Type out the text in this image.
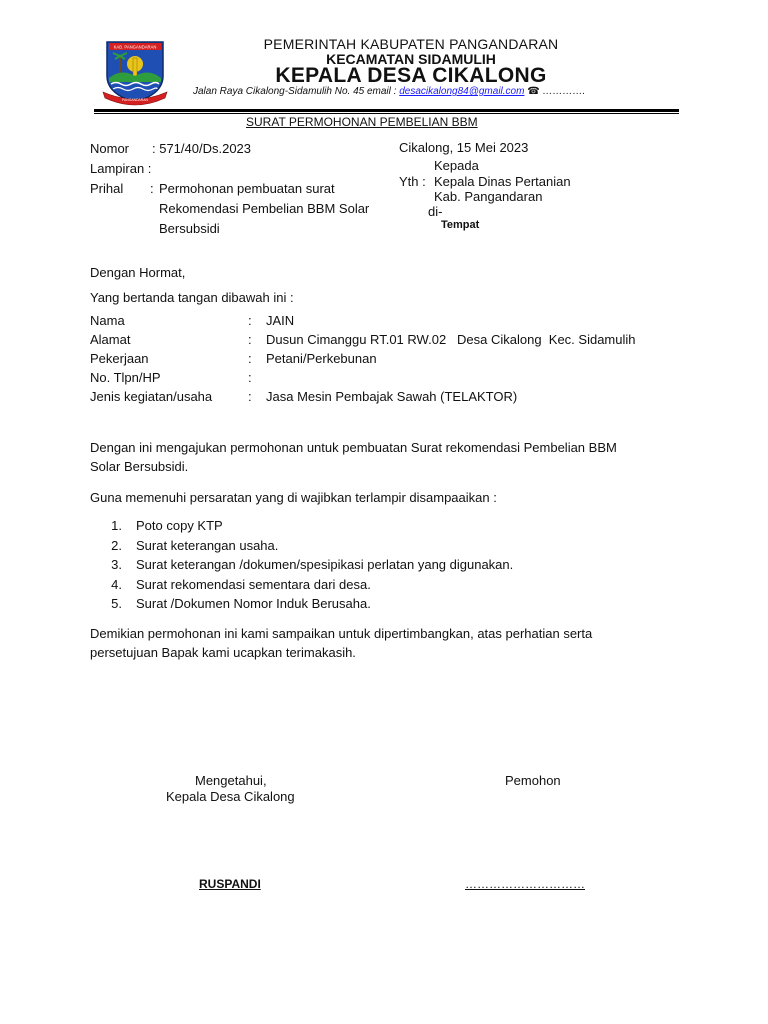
KAB. PANGANDARAN
PANGANDARAN
PEMERINTAH KABUPATEN PANGANDARAN
KECAMATAN SIDAMULIH
KEPALA DESA CIKALONG
Jalan Raya Cikalong-Sidamulih No. 45 email : desacikalong84@gmail.com ☎ ………….
SURAT PERMOHONAN PEMBELIAN BBM
Nomor : 571/40/Ds.2023
Lampiran :
Prihal : Permohonan pembuatan surat
Rekomendasi Pembelian BBM Solar
Bersubsidi
Cikalong, 15 Mei 2023
Kepada
Yth : Kepala Dinas Pertanian
Kab. Pangandaran
di-
Tempat
Dengan Hormat,
Yang bertanda tangan dibawah ini :
Nama	: JAIN
Alamat	: Dusun Cimanggu RT.01 RW.02   Desa Cikalong  Kec. Sidamulih
Pekerjaan	: Petani/Perkebunan
No. Tlpn/HP	:
Jenis kegiatan/usaha	: Jasa Mesin Pembajak Sawah (TELAKTOR)
Dengan ini mengajukan permohonan untuk pembuatan Surat rekomendasi Pembelian BBM
Solar Bersubsidi.
Guna memenuhi persaratan yang di wajibkan terlampir disampaaikan :
1. Poto copy KTP
2. Surat keterangan usaha.
3. Surat keterangan /dokumen/spesipikasi perlatan yang digunakan.
4. Surat rekomendasi sementara dari desa.
5. Surat /Dokumen Nomor Induk Berusaha.
Demikian permohonan ini kami sampaikan untuk dipertimbangkan, atas perhatian serta
persetujuan Bapak kami ucapkan terimakasih.
Mengetahui,
Kepala Desa Cikalong
Pemohon
RUSPANDI	…………………………
